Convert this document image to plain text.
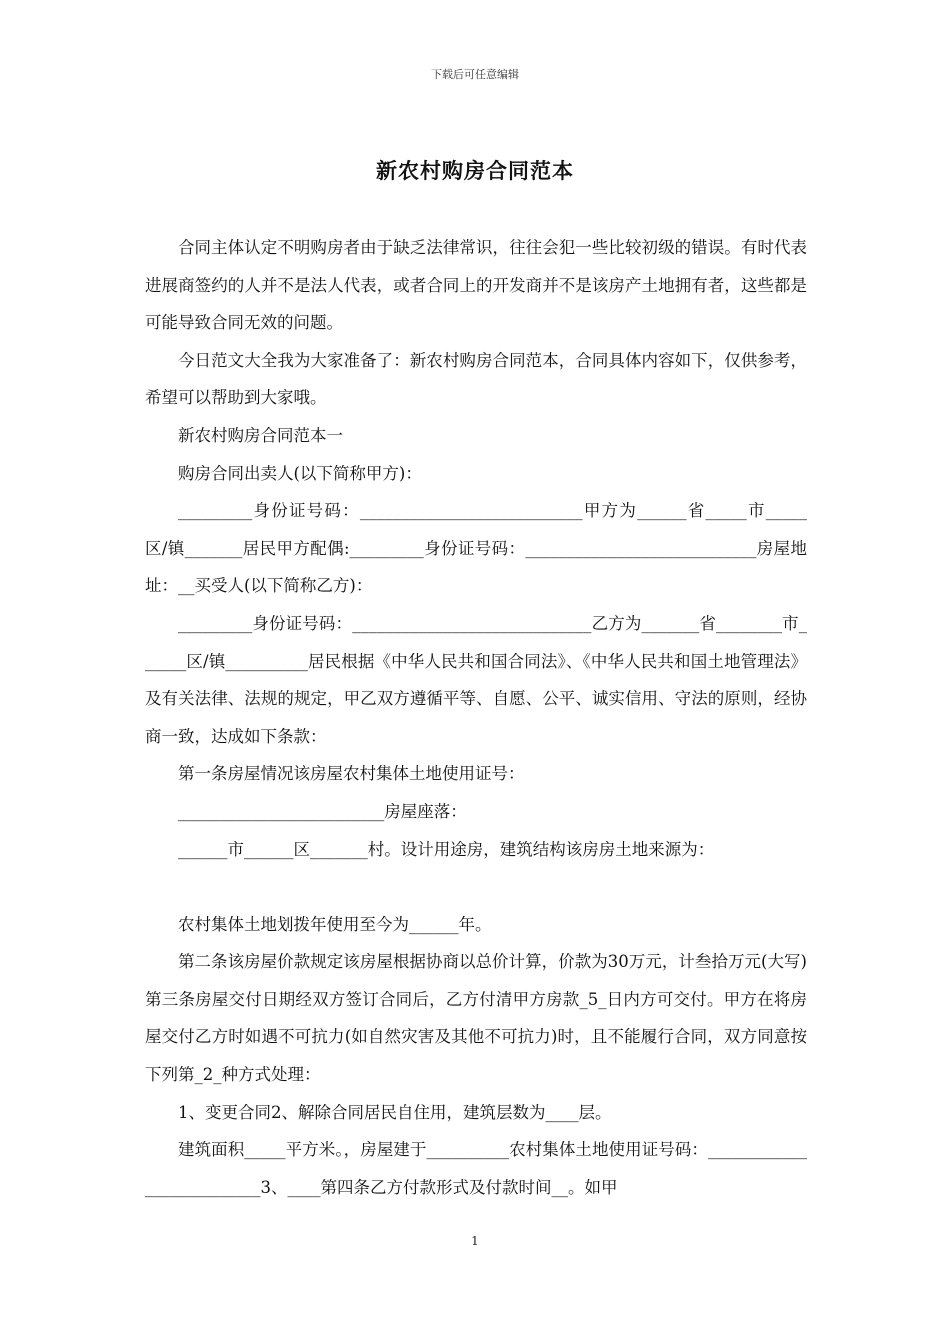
下载后可任意编辑
新农村购房合同范本

合同主体认定不明购房者由于缺乏法律常识，往往会犯一些比较初级的错误。有时代表进展商签约的人并不是法人代表，或者合同上的开发商并不是该房产土地拥有者，这些都是可能导致合同无效的问题。

今日范文大全我为大家准备了：新农村购房合同范本，合同具体内容如下，仅供参考，希望可以帮助到大家哦。

新农村购房合同范本一

购房合同出卖人(以下简称甲方)：

_________身份证号码：___________________________甲方为______省_____市_____区/镇_______居民甲方配偶:_________身份证号码：____________________________房屋地址：__买受人(以下简称乙方)：

_________身份证号码：_____________________________乙方为_______省________市______区/镇__________居民根据《中华人民共和国合同法》、《中华人民共和国土地管理法》及有关法律、法规的规定，甲乙双方遵循平等、自愿、公平、诚实信用、守法的原则，经协商一致，达成如下条款：

第一条房屋情况该房屋农村集体土地使用证号：

_________________________房屋座落：

______市______区_______村。设计用途房，建筑结构该房房土地来源为：

农村集体土地划拨年使用至今为______年。

第二条该房屋价款规定该房屋根据协商以总价计算，价款为30万元，计叁拾万元(大写)第三条房屋交付日期经双方签订合同后，乙方付清甲方房款_5_日内方可交付。甲方在将房屋交付乙方时如遇不可抗力(如自然灾害及其他不可抗力)时，且不能履行合同，双方同意按下列第_2_种方式处理：

1、变更合同2、解除合同居民自住用，建筑层数为____层。

建筑面积_____平方米。，房屋建于__________农村集体土地使用证号码：__________________________3、____第四条乙方付款形式及付款时间__。如甲

1
